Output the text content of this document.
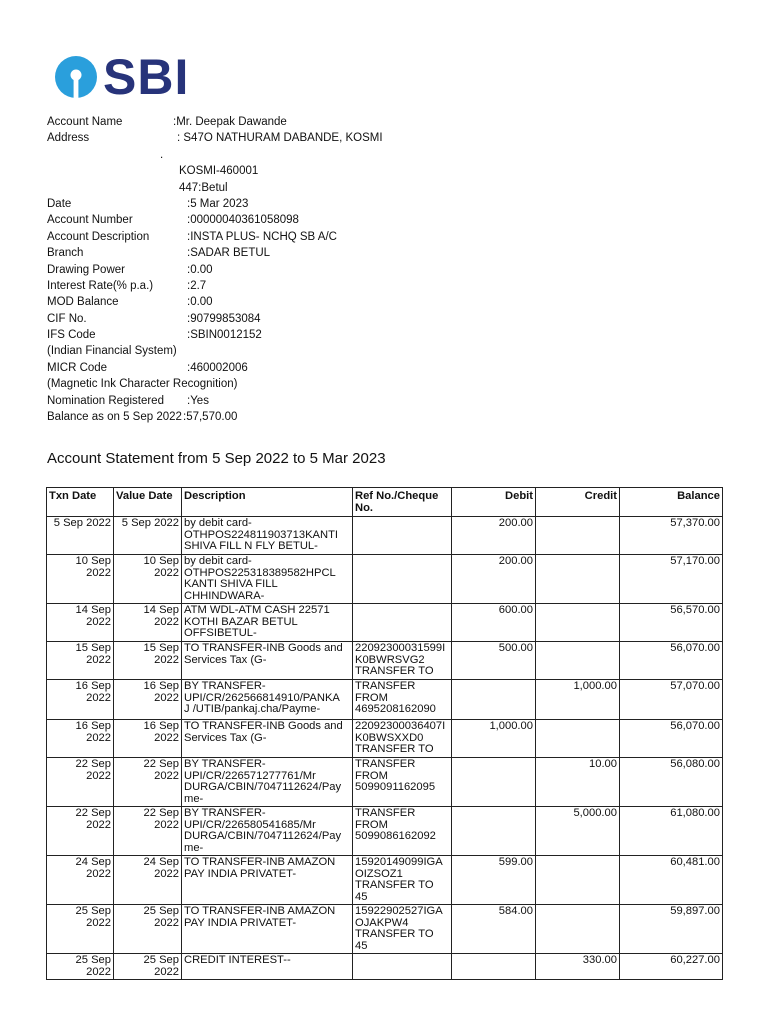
SBI
Account Name	:Mr. Deepak Dawande
Address	: S47O NATHURAM DABANDE, KOSMI
.
KOSMI-460001
447:Betul
Date	:5 Mar 2023
Account Number	:00000040361058098
Account Description	:INSTA PLUS- NCHQ SB A/C
Branch	:SADAR BETUL
Drawing Power	:0.00
Interest Rate(% p.a.)	:2.7
MOD Balance	:0.00
CIF No.	:90799853084
IFS Code	:SBIN0012152
(Indian Financial System)
MICR Code	:460002006
(Magnetic Ink Character Recognition)
Nomination Registered :Yes
Balance as on 5 Sep 2022 :57,570.00
Account Statement from 5 Sep 2022 to 5 Mar 2023
Txn Date	Value Date	Description	Ref No./Cheque No.	Debit	Credit	Balance

5 Sep 2022	5 Sep 2022	by debit card-
OTHPOS224811903713KANTI
SHIVA FILL N FLY BETUL-		200.00		57,370.00

10 Sep
2022	10 Sep
2022	by debit card-
OTHPOS225318389582HPCL
KANTI SHIVA FILL
CHHINDWARA-		200.00		57,170.00

14 Sep
2022	14 Sep
2022	ATM WDL-ATM CASH 22571
KOTHI BAZAR BETUL
OFFSIBETUL-		600.00		56,570.00

15 Sep
2022	15 Sep
2022	TO TRANSFER-INB Goods and
Services Tax (G-	22092300031599I
K0BWRSVG2
TRANSFER TO	500.00		56,070.00

16 Sep
2022	16 Sep
2022	BY TRANSFER-
UPI/CR/262566814910/PANKA
J /UTIB/pankaj.cha/Payme-	TRANSFER
FROM
4695208162090		1,000.00	57,070.00

16 Sep
2022	16 Sep
2022	TO TRANSFER-INB Goods and
Services Tax (G-	22092300036407I
K0BWSXXD0
TRANSFER TO	1,000.00		56,070.00

22 Sep
2022	22 Sep
2022	BY TRANSFER-
UPI/CR/226571277761/Mr
DURGA/CBIN/7047112624/Pay
me-	TRANSFER
FROM
5099091162095		10.00	56,080.00

22 Sep
2022	22 Sep
2022	BY TRANSFER-
UPI/CR/226580541685/Mr
DURGA/CBIN/7047112624/Pay
me-	TRANSFER
FROM
5099086162092		5,000.00	61,080.00

24 Sep
2022	24 Sep
2022	TO TRANSFER-INB AMAZON
PAY INDIA PRIVATET-	15920149099IGA
OIZSOZ1
TRANSFER TO
45	599.00		60,481.00

25 Sep
2022	25 Sep
2022	TO TRANSFER-INB AMAZON
PAY INDIA PRIVATET-	15922902527IGA
OJAKPW4
TRANSFER TO
45	584.00		59,897.00

25 Sep
2022	25 Sep
2022	CREDIT INTEREST--			330.00	60,227.00
